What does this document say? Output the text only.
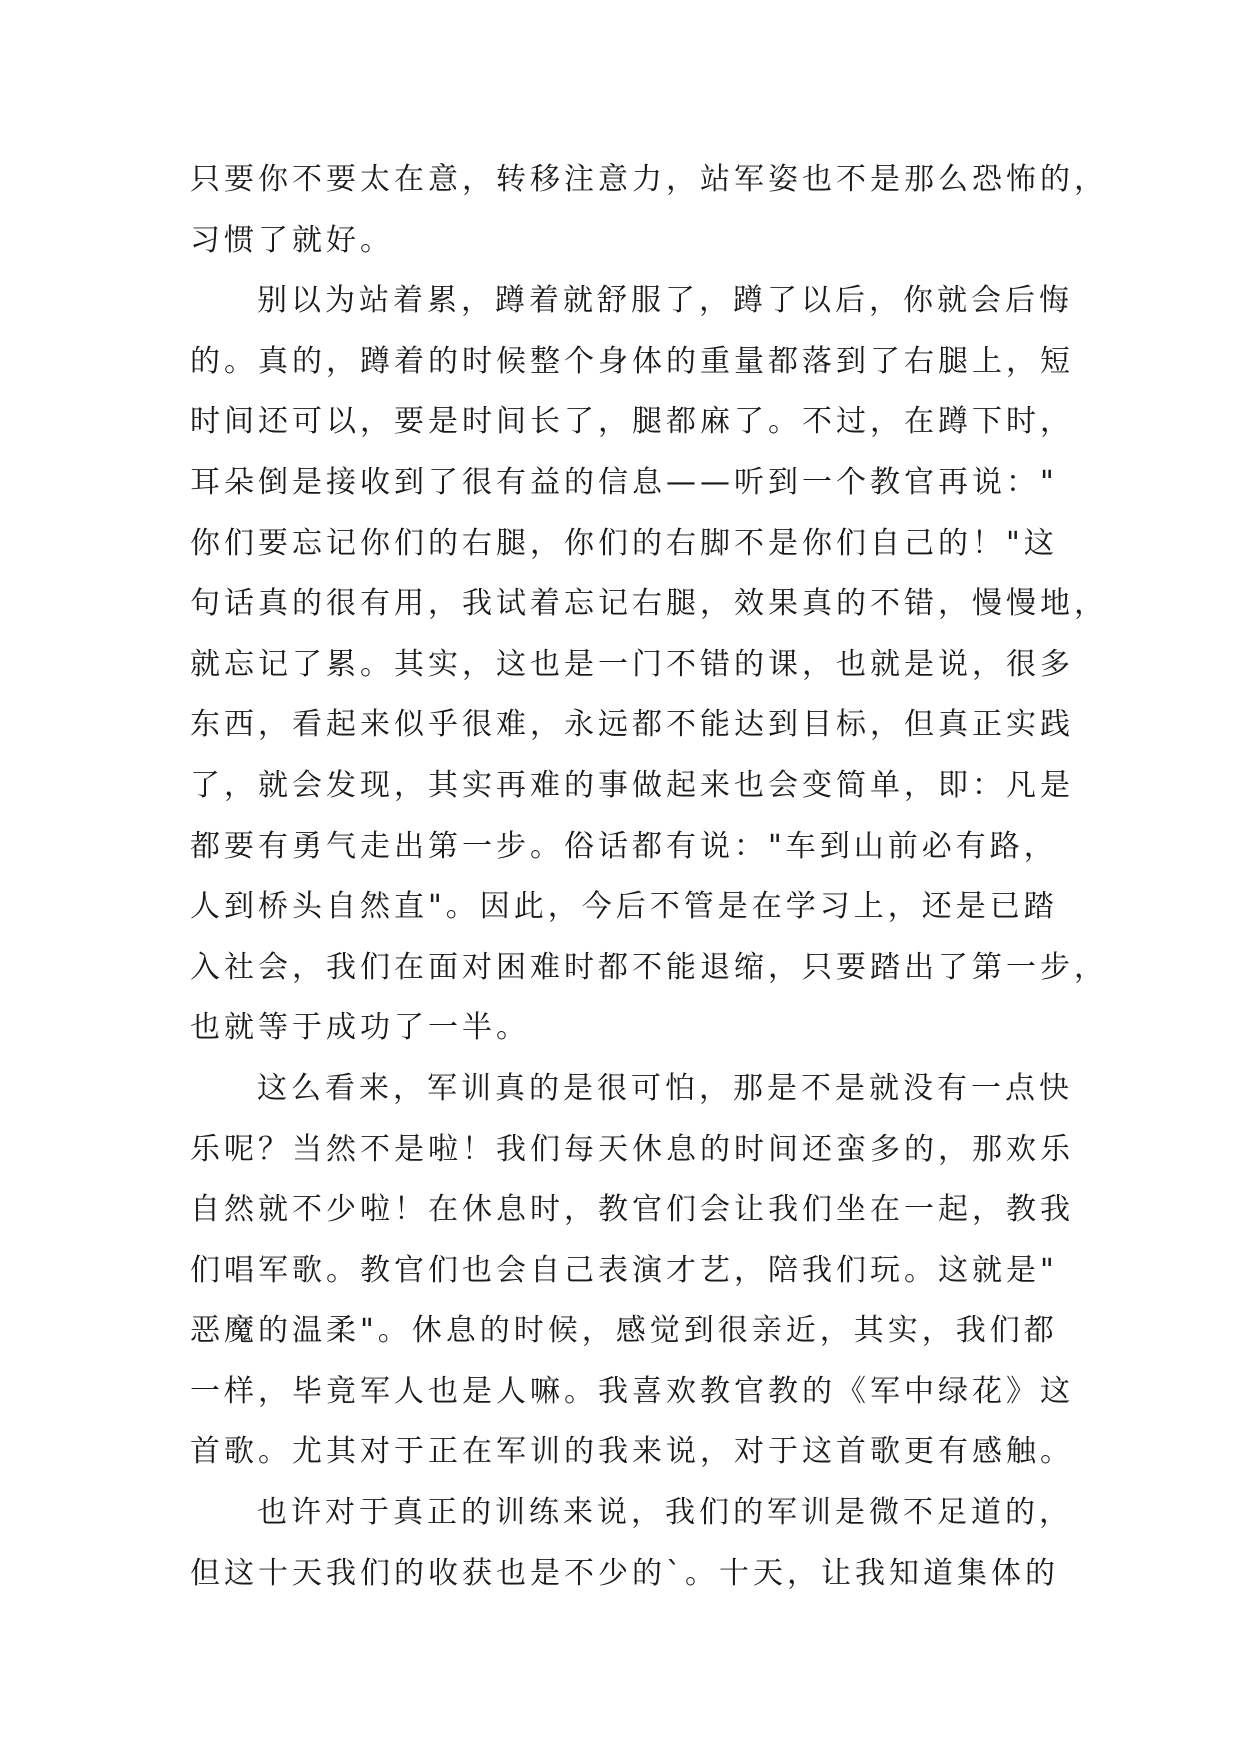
只要你不要太在意，转移注意力，站军姿也不是那么恐怖的，
习惯了就好。
别以为站着累，蹲着就舒服了，蹲了以后，你就会后悔
的。真的，蹲着的时候整个身体的重量都落到了右腿上，短
时间还可以，要是时间长了，腿都麻了。不过，在蹲下时，
耳朵倒是接收到了很有益的信息——听到一个教官再说："
你们要忘记你们的右腿，你们的右脚不是你们自己的！"这
句话真的很有用，我试着忘记右腿，效果真的不错，慢慢地，
就忘记了累。其实，这也是一门不错的课，也就是说，很多
东西，看起来似乎很难，永远都不能达到目标，但真正实践
了，就会发现，其实再难的事做起来也会变简单，即：凡是
都要有勇气走出第一步。俗话都有说："车到山前必有路，
人到桥头自然直"。因此，今后不管是在学习上，还是已踏
入社会，我们在面对困难时都不能退缩，只要踏出了第一步，
也就等于成功了一半。
这么看来，军训真的是很可怕，那是不是就没有一点快
乐呢？当然不是啦！我们每天休息的时间还蛮多的，那欢乐
自然就不少啦！在休息时，教官们会让我们坐在一起，教我
们唱军歌。教官们也会自己表演才艺，陪我们玩。这就是"
恶魔的温柔"。休息的时候，感觉到很亲近，其实，我们都
一样，毕竟军人也是人嘛。我喜欢教官教的《军中绿花》这
首歌。尤其对于正在军训的我来说，对于这首歌更有感触。
也许对于真正的训练来说，我们的军训是微不足道的，
但这十天我们的收获也是不少的`。十天，让我知道集体的
